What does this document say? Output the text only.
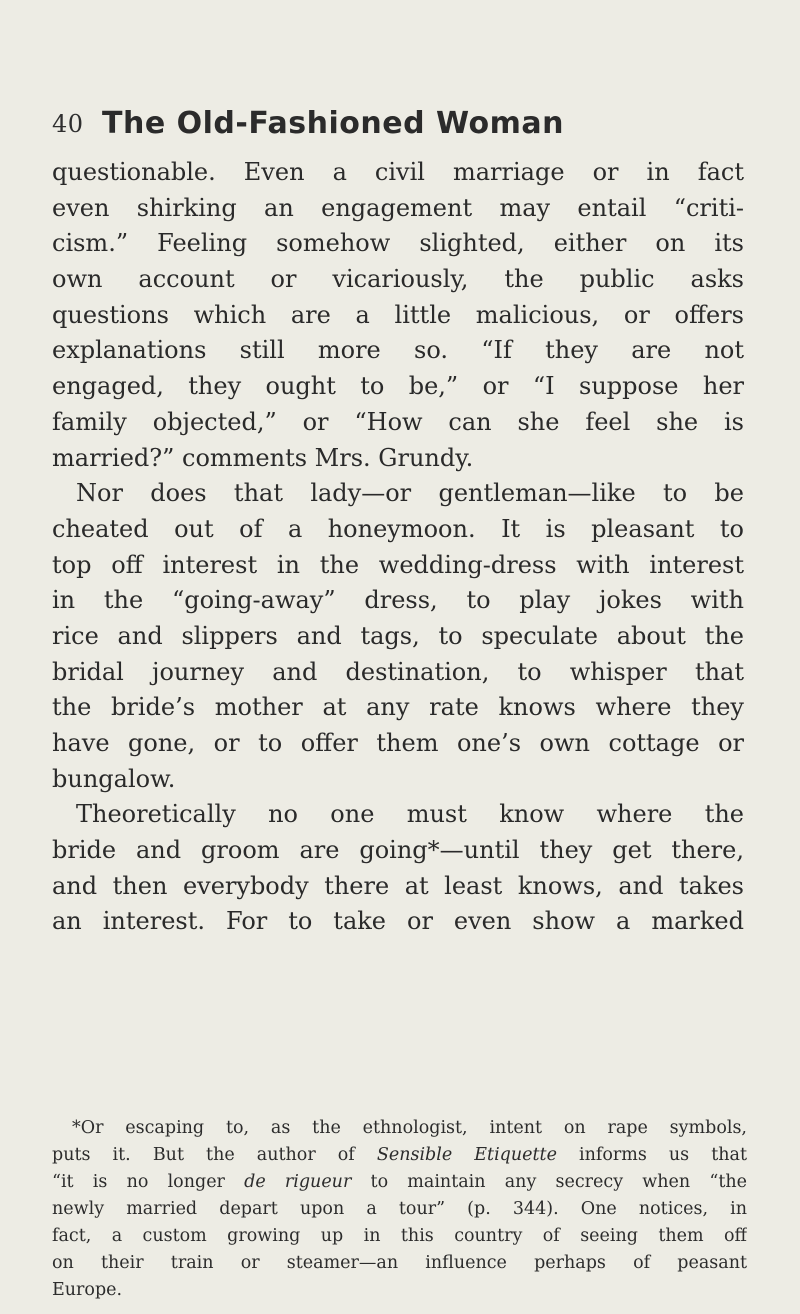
40 The Old-Fashioned Woman
questionable. Even a civil marriage or in fact
even shirking an engagement may entail “criti-
cism.” Feeling somehow slighted, either on its
own account or vicariously, the public asks
questions which are a little malicious, or offers
explanations still more so. “If they are not
engaged, they ought to be,” or “I suppose her
family objected,” or “How can she feel she is
married?” comments Mrs. Grundy.
Nor does that lady—or gentleman—like to be
cheated out of a honeymoon. It is pleasant to
top off interest in the wedding-dress with interest
in the “going-away” dress, to play jokes with
rice and slippers and tags, to speculate about the
bridal journey and destination, to whisper that
the bride’s mother at any rate knows where they
have gone, or to offer them one’s own cottage or
bungalow.
Theoretically no one must know where the
bride and groom are going*—until they get there,
and then everybody there at least knows, and takes
an interest. For to take or even show a marked
*Or escaping to, as the ethnologist, intent on rape symbols,
puts it. But the author of Sensible Etiquette informs us that
“it is no longer de rigueur to maintain any secrecy when “the
newly married depart upon a tour” (p. 344). One notices, in
fact, a custom growing up in this country of seeing them off
on their train or steamer—an influence perhaps of peasant
Europe.
